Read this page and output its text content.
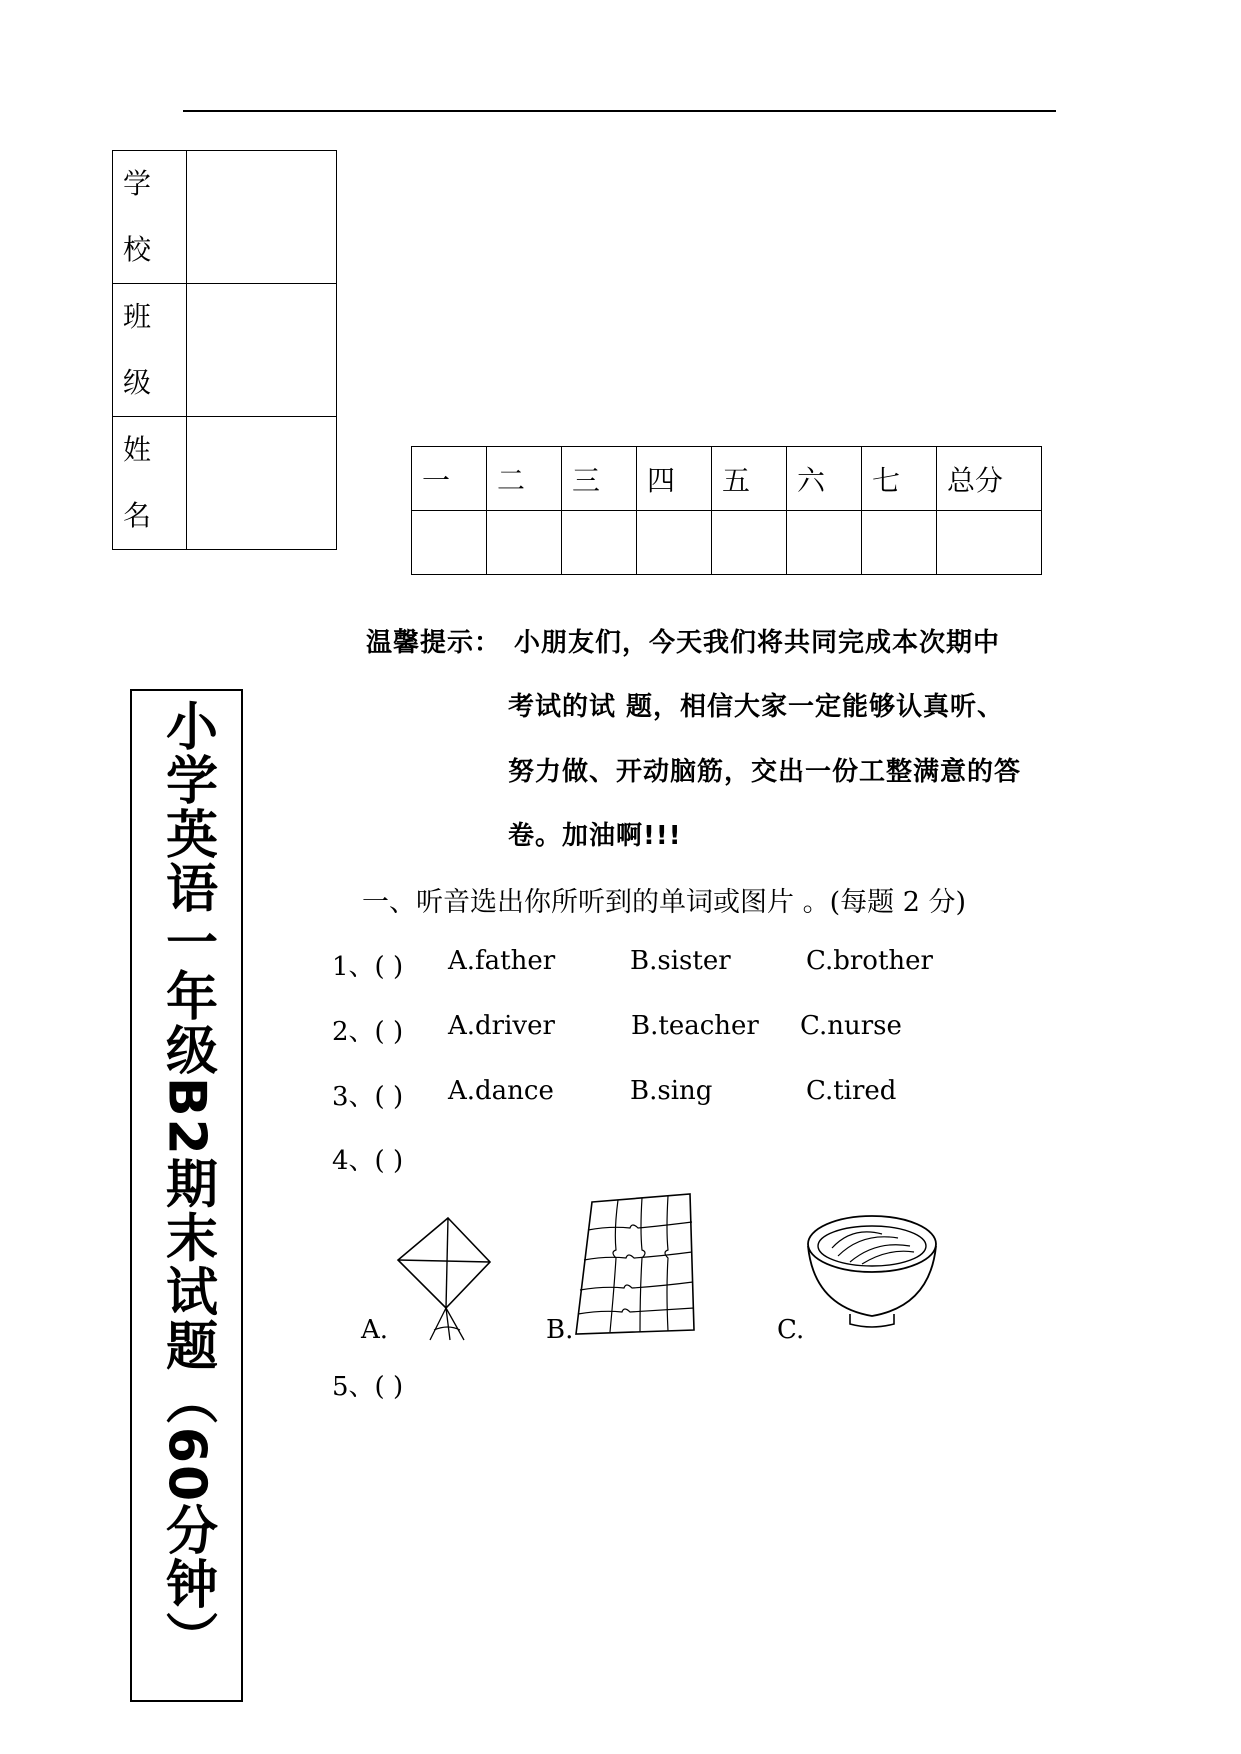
学
校	

班
级	

姓
名	

一	二	三	四	五	六	七	总分

小学英语一年级B2期末试题（60分钟）
温馨提示： 小朋友们，今天我们将共同完成本次期中
考试的试 题，相信大家一定能够认真听、
努力做、开动脑筋，交出一份工整满意的答
卷。加油啊!!!
一、听音选出你所听到的单词或图片 。(每题 2 分)
1、( ) A.father	B.sister	C.brother
2、( ) A.driver	B.teacher C.nurse
3、( ) A.dance	B.sing	C.tired
4、( )
A.	B.	C.
5、( )
